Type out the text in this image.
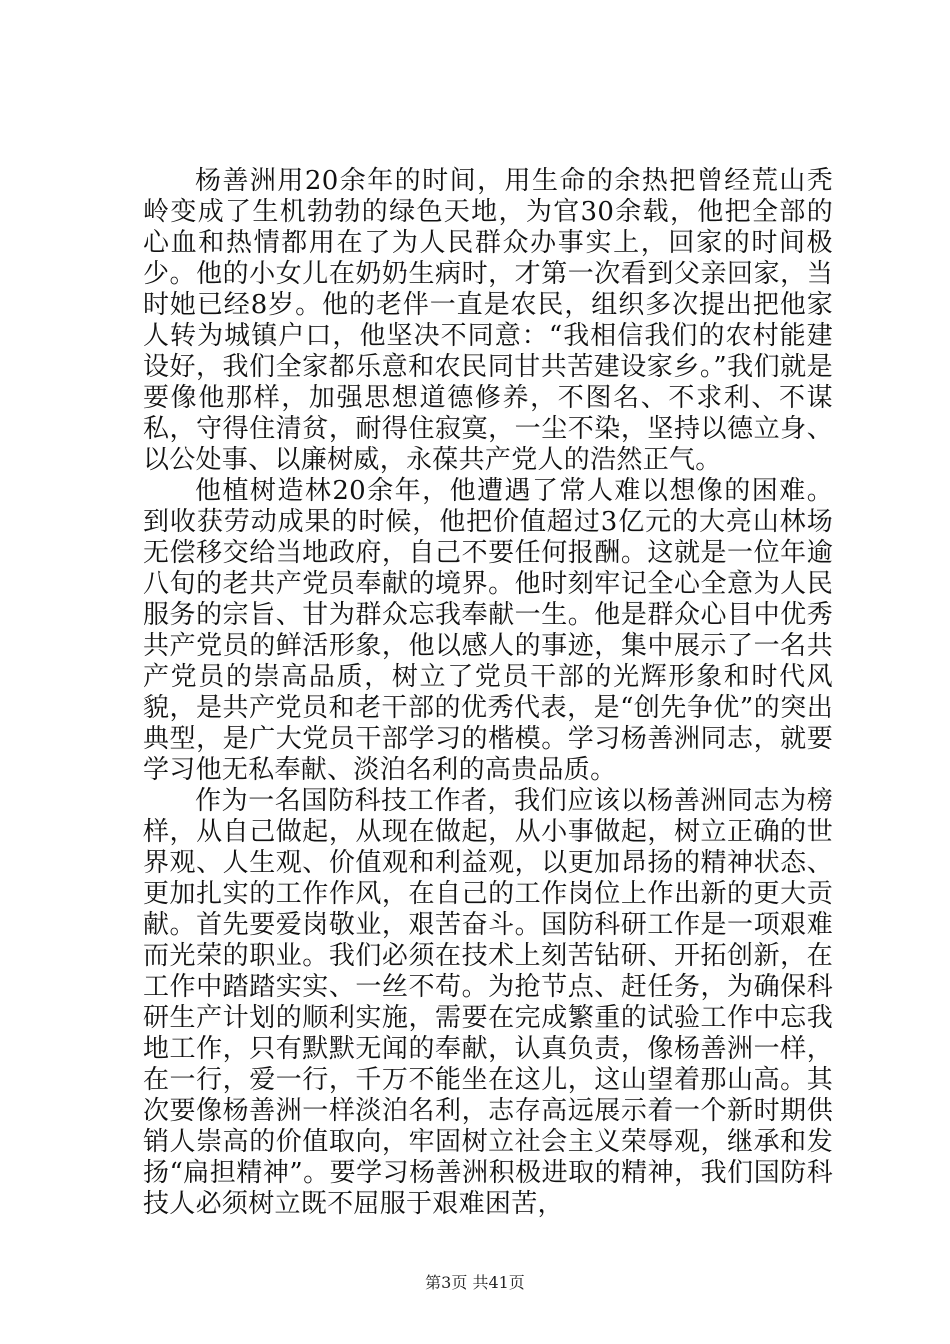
杨善洲用20余年的时间，用生命的余热把曾经荒山秃岭变成了生机勃勃的绿色天地，为官30余载，他把全部的心血和热情都用在了为人民群众办事实上，回家的时间极少。他的小女儿在奶奶生病时，才第一次看到父亲回家，当时她已经8岁。他的老伴一直是农民，组织多次提出把他家人转为城镇户口，他坚决不同意：“我相信我们的农村能建设好，我们全家都乐意和农民同甘共苦建设家乡。”我们就是要像他那样，加强思想道德修养，不图名、不求利、不谋私，守得住清贫，耐得住寂寞，一尘不染，坚持以德立身、以公处事、以廉树威，永葆共产党人的浩然正气。

他植树造林20余年，他遭遇了常人难以想像的困难。到收获劳动成果的时候，他把价值超过3亿元的大亮山林场无偿移交给当地政府，自己不要任何报酬。这就是一位年逾八旬的老共产党员奉献的境界。他时刻牢记全心全意为人民服务的宗旨、甘为群众忘我奉献一生。他是群众心目中优秀共产党员的鲜活形象，他以感人的事迹，集中展示了一名共产党员的崇高品质，树立了党员干部的光辉形象和时代风貌，是共产党员和老干部的优秀代表，是“创先争优”的突出典型，是广大党员干部学习的楷模。学习杨善洲同志，就要学习他无私奉献、淡泊名利的高贵品质。

作为一名国防科技工作者，我们应该以杨善洲同志为榜样，从自己做起，从现在做起，从小事做起，树立正确的世界观、人生观、价值观和利益观，以更加昂扬的精神状态、更加扎实的工作作风，在自己的工作岗位上作出新的更大贡献。首先要爱岗敬业，艰苦奋斗。国防科研工作是一项艰难而光荣的职业。我们必须在技术上刻苦钻研、开拓创新，在工作中踏踏实实、一丝不苟。为抢节点、赶任务，为确保科研生产计划的顺利实施，需要在完成繁重的试验工作中忘我地工作，只有默默无闻的奉献，认真负责，像杨善洲一样，在一行，爱一行，千万不能坐在这儿，这山望着那山高。其次要像杨善洲一样淡泊名利，志存高远展示着一个新时期供销人崇高的价值取向，牢固树立社会主义荣辱观，继承和发扬“扁担精神”。要学习杨善洲积极进取的精神，我们国防科技人必须树立既不屈服于艰难困苦，

第3页 共41页
